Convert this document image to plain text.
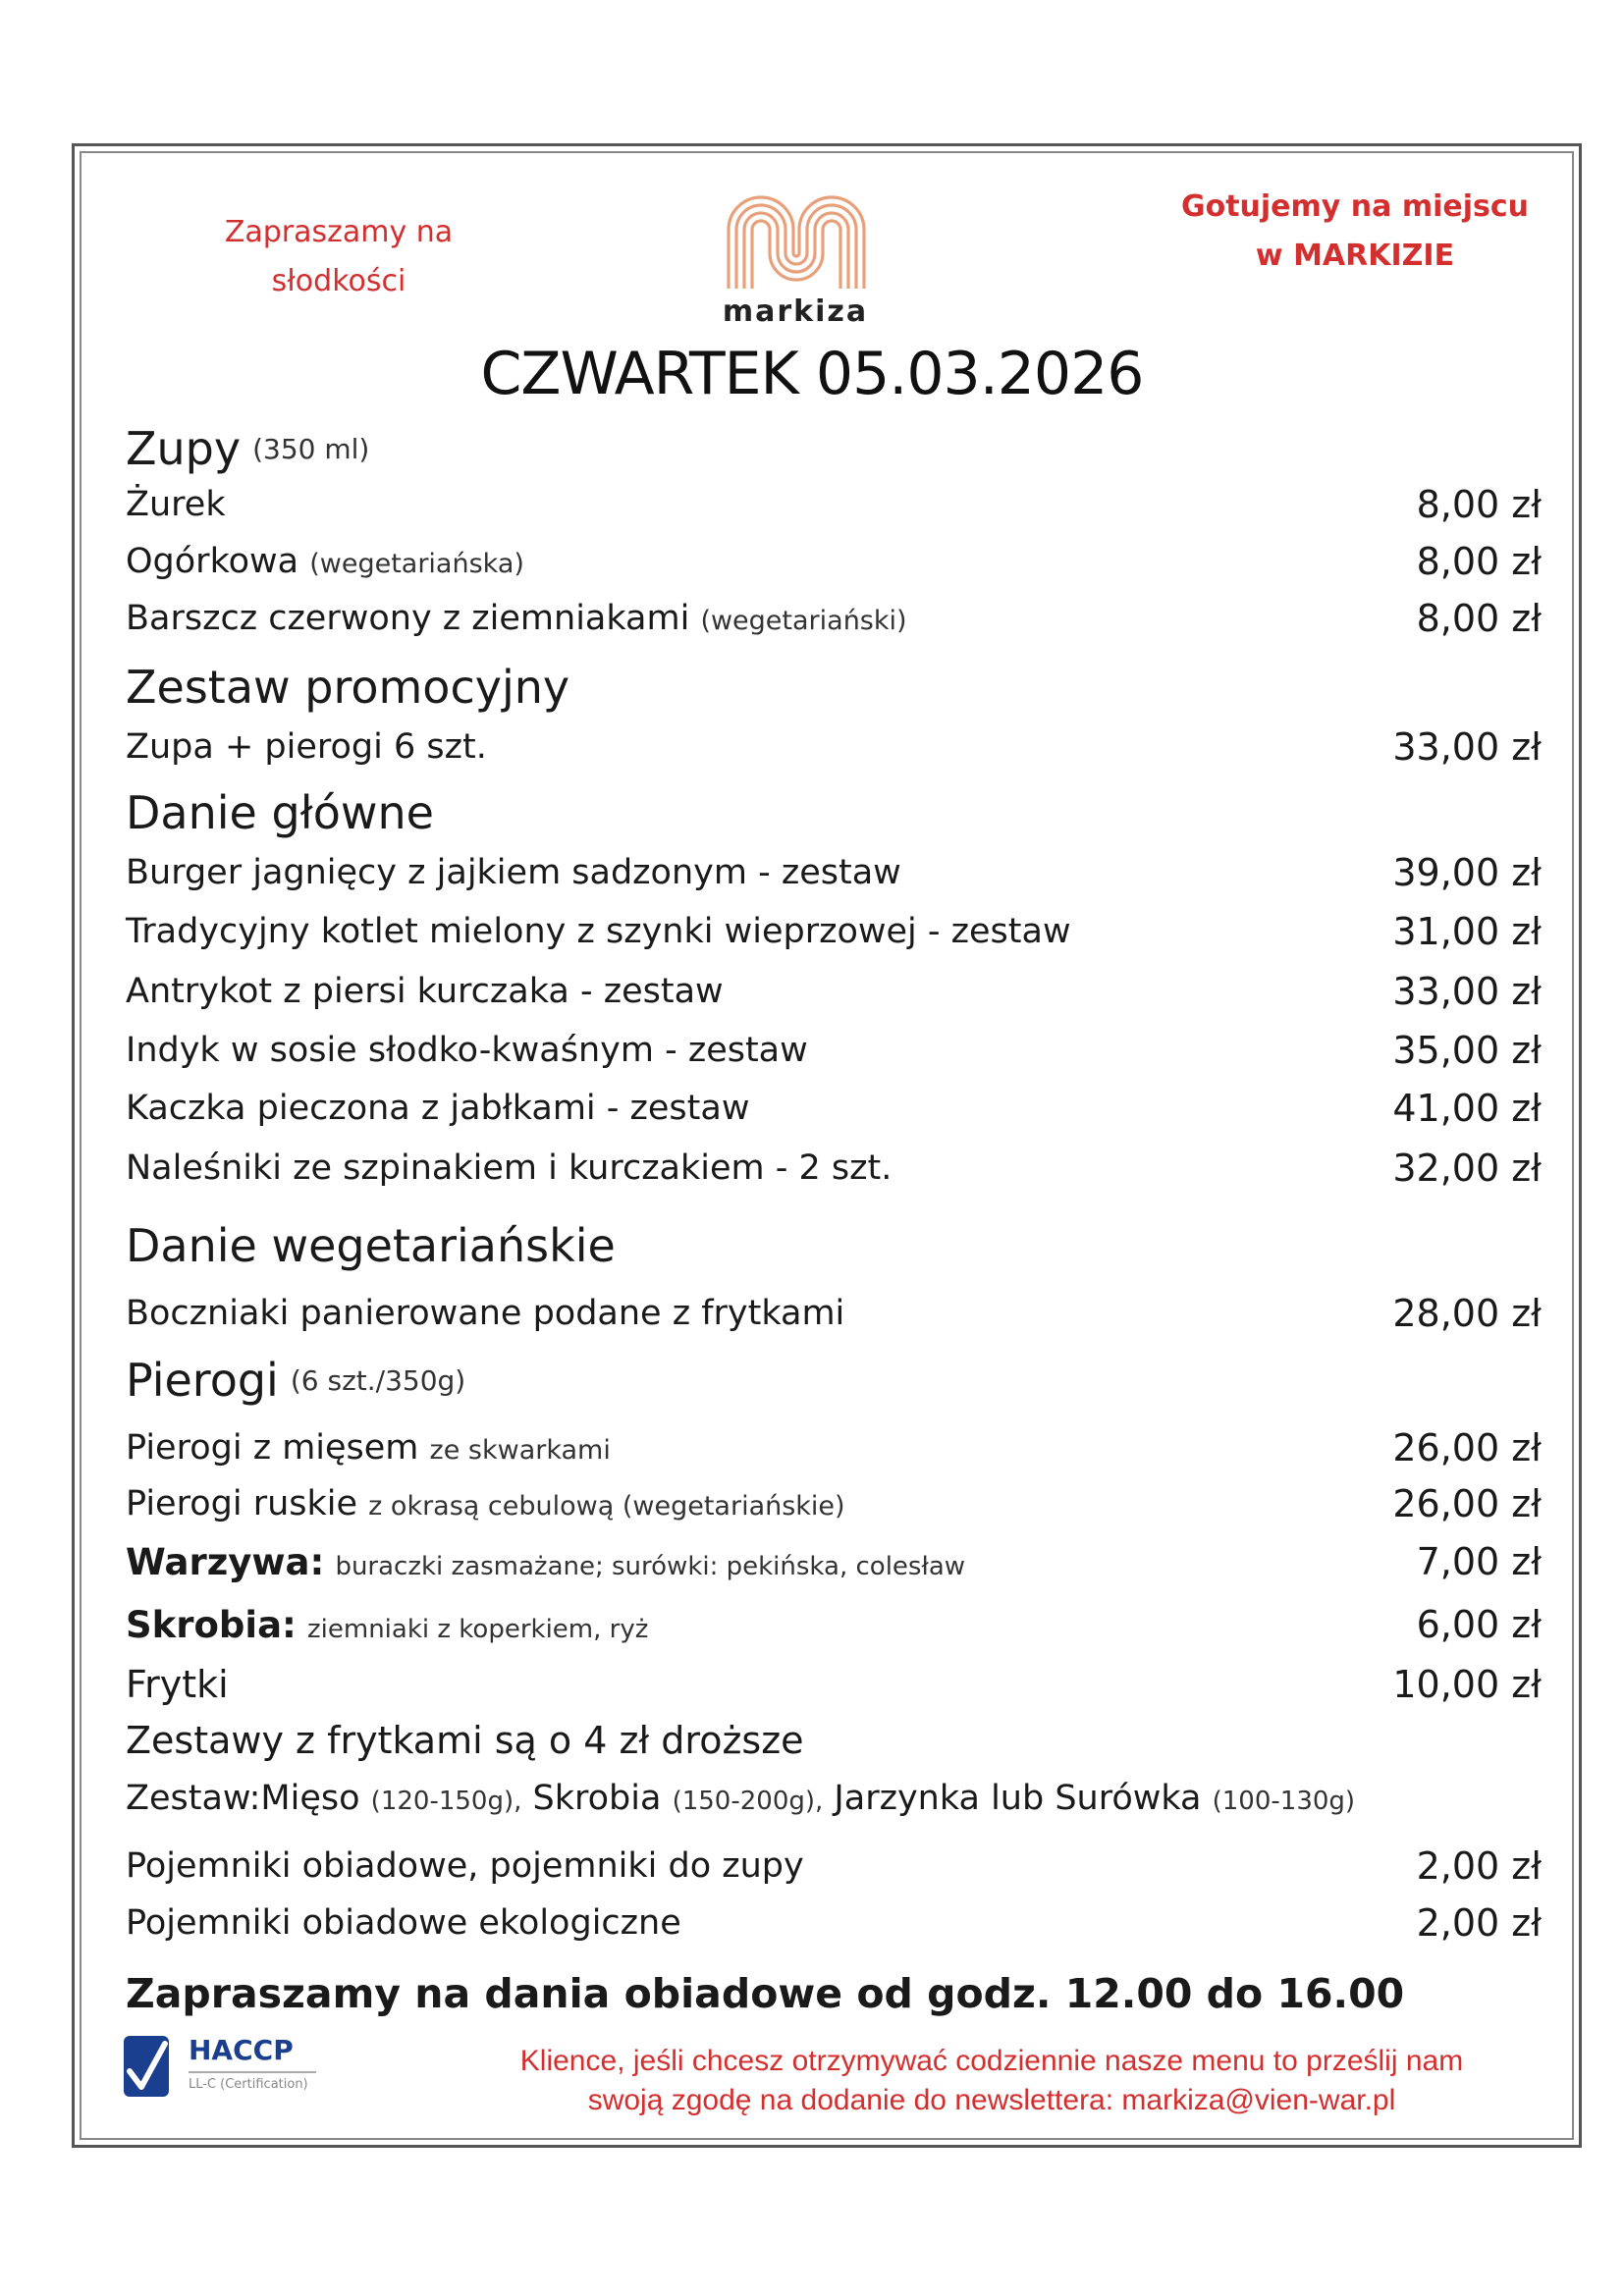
Zapraszamy na
słodkości
markiza
Gotujemy na miejscu
w MARKIZIE
CZWARTEK 05.03.2026
Zupy (350 ml)
Żurek	8,00 zł
Ogórkowa (wegetariańska)	8,00 zł
Barszcz czerwony z ziemniakami (wegetariański)	8,00 zł
Zestaw promocyjny
Zupa + pierogi 6 szt.	33,00 zł
Danie główne
Burger jagnięcy z jajkiem sadzonym - zestaw	39,00 zł
Tradycyjny kotlet mielony z szynki wieprzowej - zestaw	31,00 zł
Antrykot z piersi kurczaka - zestaw	33,00 zł
Indyk w sosie słodko-kwaśnym - zestaw	35,00 zł
Kaczka pieczona z jabłkami - zestaw	41,00 zł
Naleśniki ze szpinakiem i kurczakiem - 2 szt.	32,00 zł
Danie wegetariańskie
Boczniaki panierowane podane z frytkami	28,00 zł
Pierogi (6 szt./350g)
Pierogi z mięsem ze skwarkami	26,00 zł
Pierogi ruskie z okrasą cebulową (wegetariańskie)	26,00 zł
Warzywa: buraczki zasmażane; surówki: pekińska, colesław	7,00 zł
Skrobia: ziemniaki z koperkiem, ryż	6,00 zł
Frytki	10,00 zł
Zestawy z frytkami są o 4 zł droższe
Zestaw:Mięso (120-150g), Skrobia (150-200g), Jarzynka lub Surówka (100-130g)
Pojemniki obiadowe, pojemniki do zupy	2,00 zł
Pojemniki obiadowe ekologiczne	2,00 zł
Zapraszamy na dania obiadowe od godz. 12.00 do 16.00
HACCP
LL-C (Certification)
Klience, jeśli chcesz otrzymywać codziennie nasze menu to prześlij nam
swoją zgodę na dodanie do newslettera: markiza@vien-war.pl
